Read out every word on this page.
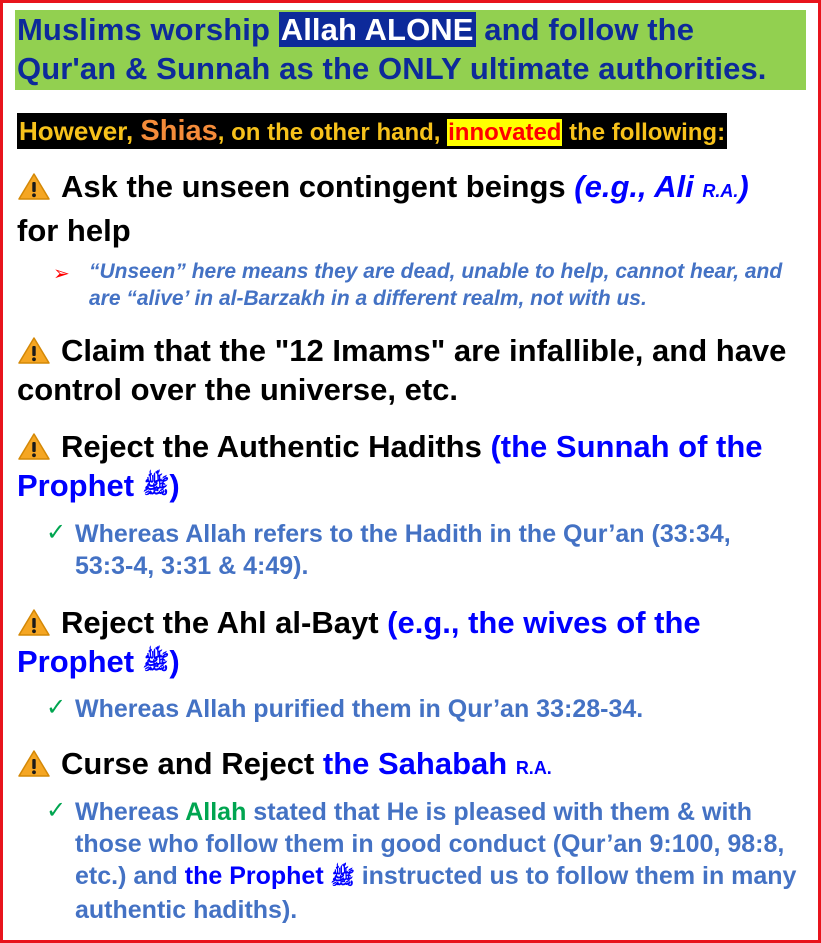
Muslims worship Allah ALONE and follow the
Qur'an & Sunnah as the ONLY ultimate authorities.
However, Shias, on the other hand, innovated the following:
Ask the unseen contingent beings (e.g., Ali R.A.)
for help
➢ “Unseen” here means they are dead, unable to help, cannot hear, and are “alive’ in al-Barzakh in a different realm, not with us.
Claim that the "12 Imams" are infallible, and have control over the universe, etc.
Reject the Authentic Hadiths (the Sunnah of the Prophet ﷺ)
✓ Whereas Allah refers to the Hadith in the Qur’an (33:34, 53:3-4, 3:31 & 4:49).
Reject the Ahl al-Bayt (e.g., the wives of the Prophet ﷺ)
✓ Whereas Allah purified them in Qur’an 33:28-34.
Curse and Reject the Sahabah R.A.
✓ Whereas Allah stated that He is pleased with them & with those who follow them in good conduct (Qur’an 9:100, 98:8, etc.) and the Prophet ﷺ instructed us to follow them in many authentic hadiths).
